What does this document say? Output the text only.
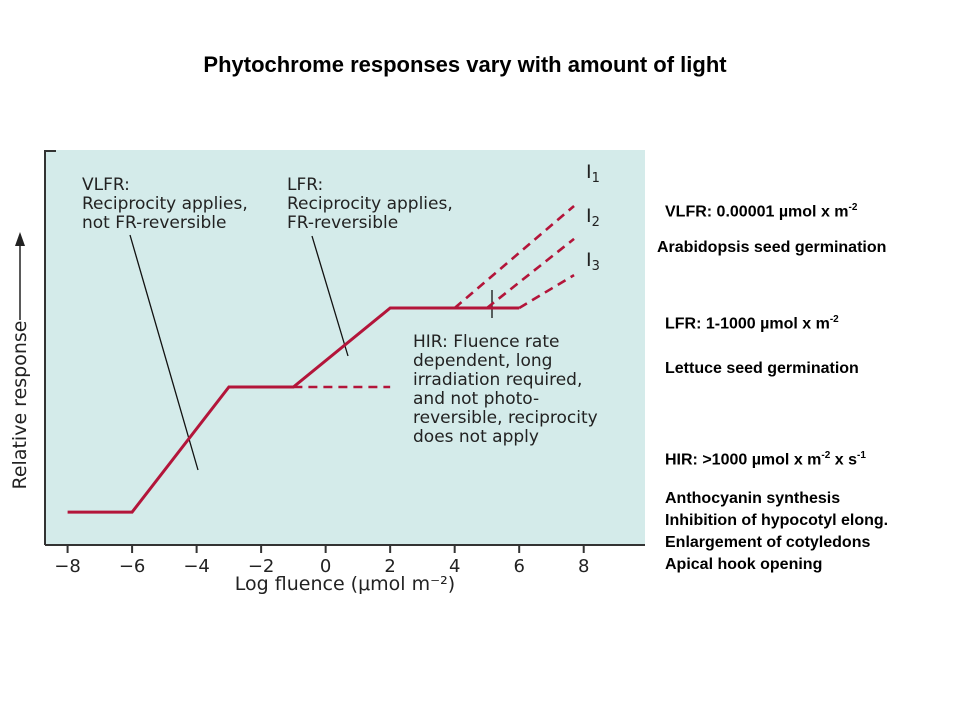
Phytochrome responses vary with amount of light
−8 −6 −4 −2	0	2	4	6	8
Log fluence (μmol m⁻²)
Relative response
VLFR:
Reciprocity applies,
not FR-reversible
LFR:
Reciprocity applies,
FR-reversible
HIR: Fluence rate
dependent, long
irradiation required,
and not photo-
reversible, reciprocity
does not apply
$I_1$
$I_2$
$I_3$
VLFR: 0.00001 µmol x $m^{-2}$
Arabidopsis seed germination
LFR: 1-1000 µmol x $m^{-2}$
Lettuce seed germination
HIR: >1000 µmol x $m^{-2}$ x $s^{-1}$
Anthocyanin synthesis
Inhibition of hypocotyl elong.
Enlargement of cotyledons
Apical hook opening
